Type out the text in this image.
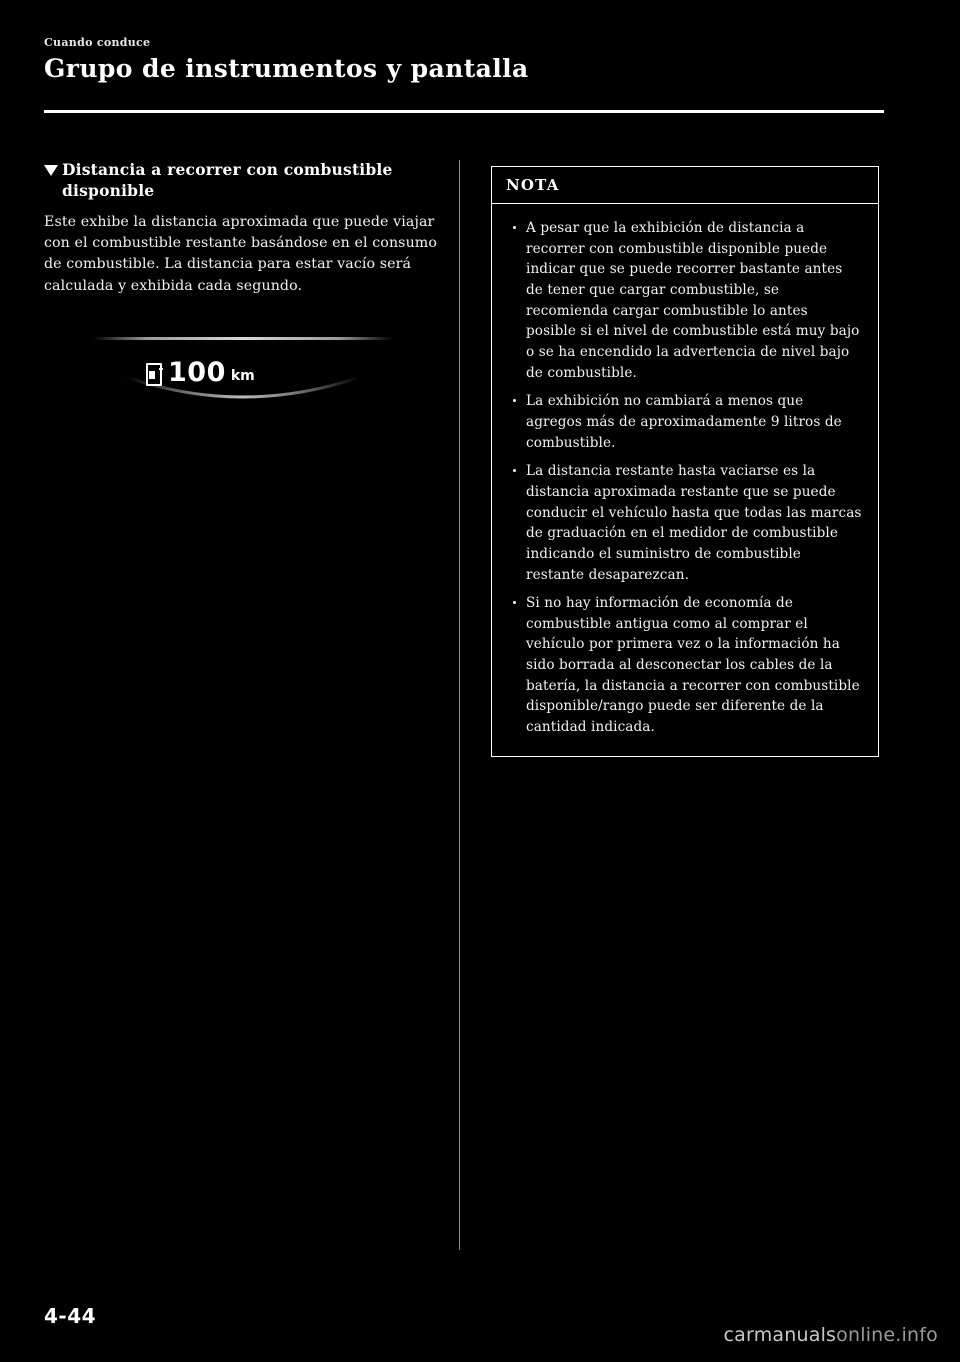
Cuando conduce
Grupo de instrumentos y pantalla
Distancia a recorrer con combustible disponible

Este exhibe la distancia aproximada que puede viajar con el combustible restante basándose en el consumo de combustible. La distancia para estar vacío será calculada y exhibida cada segundo.

100 km
NOTA
A pesar que la exhibición de distancia a recorrer con combustible disponible puede indicar que se puede recorrer bastante antes de tener que cargar combustible, se recomienda cargar combustible lo antes posible si el nivel de combustible está muy bajo o se ha encendido la advertencia de nivel bajo de combustible.
La exhibición no cambiará a menos que agregos más de aproximadamente 9 litros de combustible.
La distancia restante hasta vaciarse es la distancia aproximada restante que se puede conducir el vehículo hasta que todas las marcas de graduación en el medidor de combustible indicando el suministro de combustible restante desaparezcan.
Si no hay información de economía de combustible antigua como al comprar el vehículo por primera vez o la información ha sido borrada al desconectar los cables de la batería, la distancia a recorrer con combustible disponible/rango puede ser diferente de la cantidad indicada.
4-44
carmanualsonline.info
